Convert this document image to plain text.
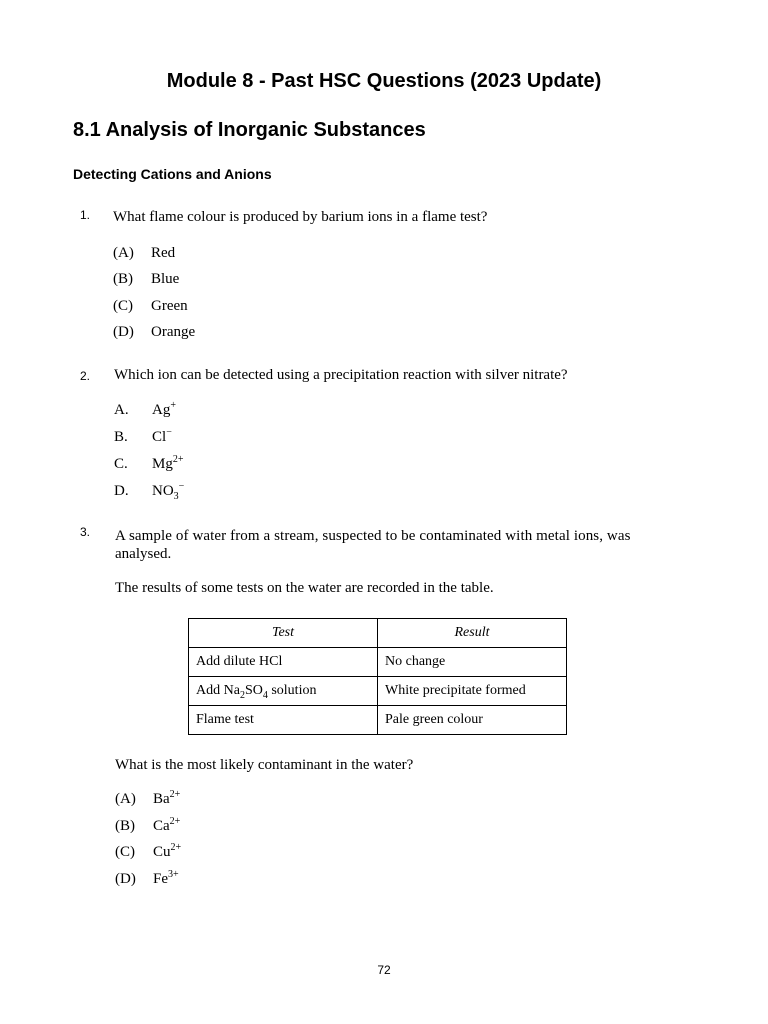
Module 8 - Past HSC Questions (2023 Update)
8.1 Analysis of Inorganic Substances
Detecting Cations and Anions
1. What flame colour is produced by barium ions in a flame test?
(A) Red
(B) Blue
(C) Green
(D) Orange
2. Which ion can be detected using a precipitation reaction with silver nitrate?
A. Ag+
B. Cl−
C. $Mg^{2+}$
D. $NO_3^-$
3. A sample of water from a stream, suspected to be contaminated with metal ions, was
analysed.
The results of some tests on the water are recorded in the table.
Test	Result
Add dilute HCl	No change
Add $Na_2SO_4$ solution	White precipitate formed
Flame test	Pale green colour
What is the most likely contaminant in the water?
(A) $Ba^{2+}$
(B) $Ca^{2+}$
(C) $Cu^{2+}$
(D) $Fe^{3+}$
72
